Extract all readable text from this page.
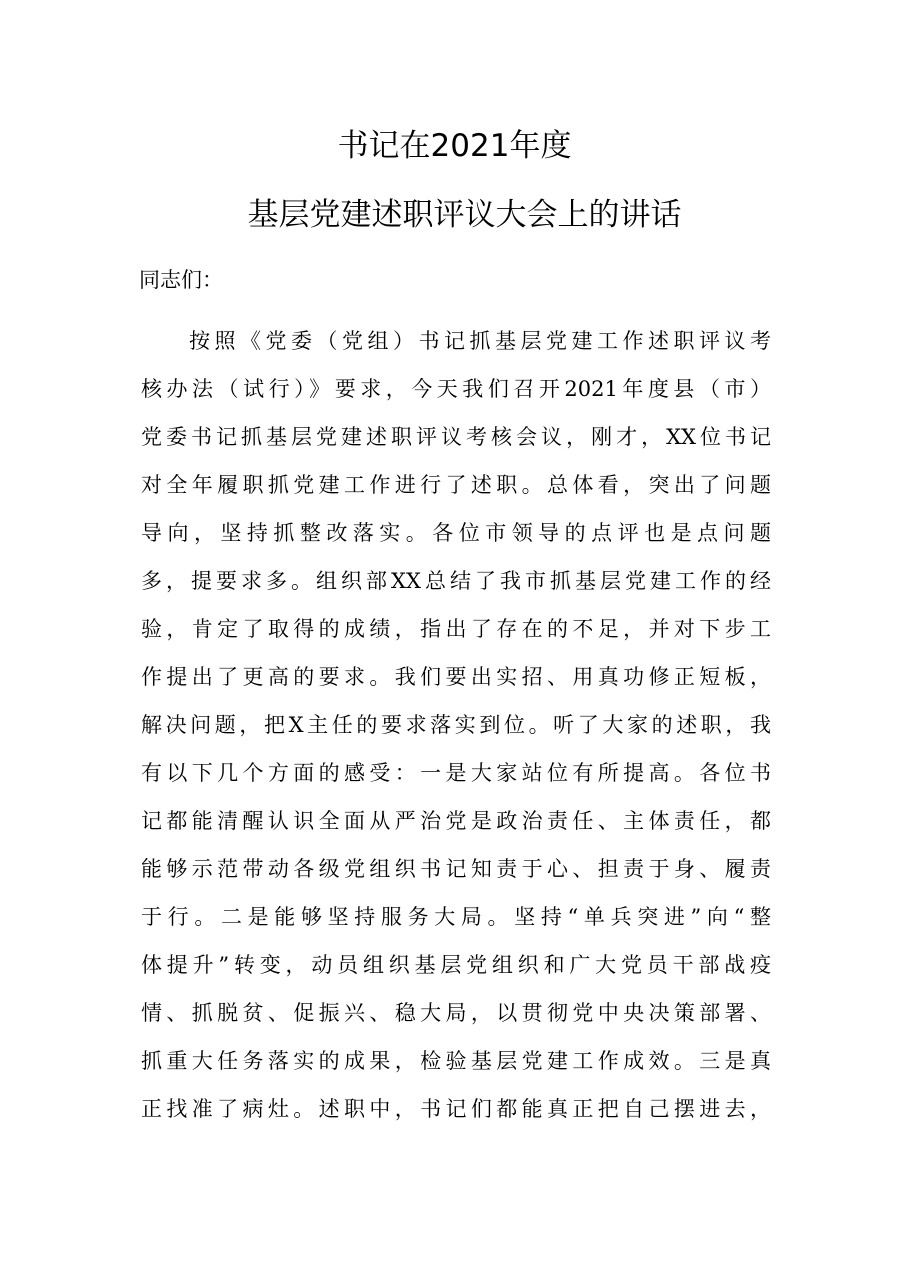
书记在2021年度
基层党建述职评议大会上的讲话
同志们：
按照《党委（党组）书记抓基层党建工作述职评议考
核办法（试行）》要求，今天我们召开2021年度县（市）
党委书记抓基层党建述职评议考核会议，刚才，XX位书记
对全年履职抓党建工作进行了述职。总体看，突出了问题
导向，坚持抓整改落实。各位市领导的点评也是点问题
多，提要求多。组织部XX总结了我市抓基层党建工作的经
验，肯定了取得的成绩，指出了存在的不足，并对下步工
作提出了更高的要求。我们要出实招、用真功修正短板，
解决问题，把X主任的要求落实到位。听了大家的述职，我
有以下几个方面的感受：一是大家站位有所提高。各位书
记都能清醒认识全面从严治党是政治责任、主体责任，都
能够示范带动各级党组织书记知责于心、担责于身、履责
于行。二是能够坚持服务大局。坚持“单兵突进”向“整
体提升”转变，动员组织基层党组织和广大党员干部战疫
情、抓脱贫、促振兴、稳大局，以贯彻党中央决策部署、
抓重大任务落实的成果，检验基层党建工作成效。三是真
正找准了病灶。述职中，书记们都能真正把自己摆进去，
